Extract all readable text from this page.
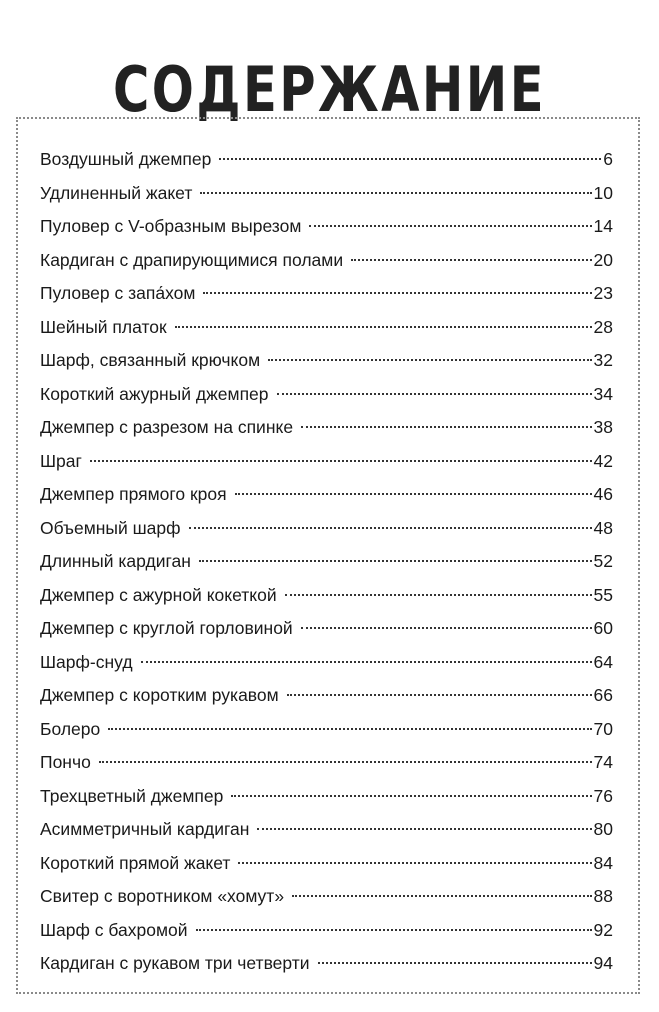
СОДЕРЖАНИЕ
Воздушный джемпер	6
Удлиненный жакет	10
Пуловер с V-образным вырезом	14
Кардиган с драпирующимися полами	20
Пуловер с запа́хом	23
Шейный платок	28
Шарф, связанный крючком	32
Короткий ажурный джемпер	34
Джемпер с разрезом на спинке	38
Шраг	42
Джемпер прямого кроя	46
Объемный шарф	48
Длинный кардиган	52
Джемпер с ажурной кокеткой	55
Джемпер с круглой горловиной	60
Шарф-снуд	64
Джемпер с коротким рукавом	66
Болеро	70
Пончо	74
Трехцветный джемпер	76
Асимметричный кардиган	80
Короткий прямой жакет	84
Свитер с воротником «хомут»	88
Шарф с бахромой	92
Кардиган с рукавом три четверти	94
